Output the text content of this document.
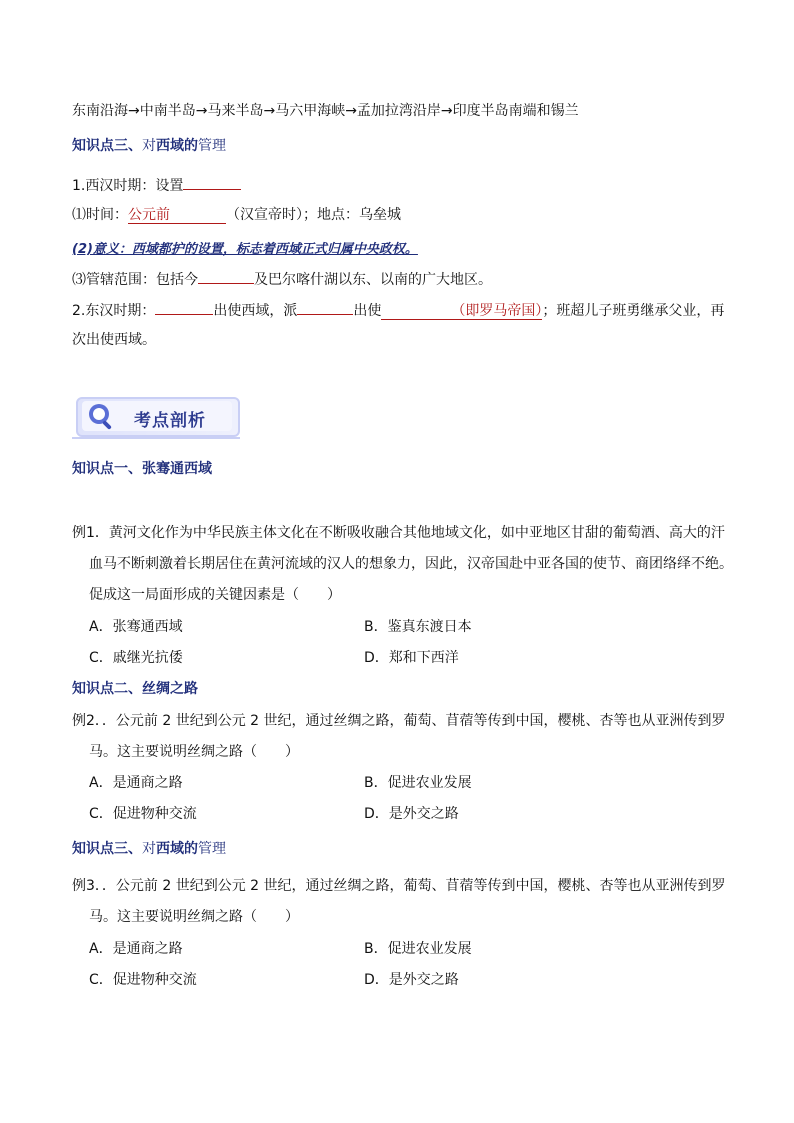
东南沿海→中南半岛→马来半岛→马六甲海峡→孟加拉湾沿岸→印度半岛南端和锡兰
知识点三、对西域的管理
1.西汉时期：设置
⑴时间：公元前	（汉宣帝时）；地点：乌垒城
(2)意义：西域都护的设置，标志着西域正式归属中央政权。
⑶管辖范围：包括今	及巴尔喀什湖以东、以南的广大地区。
2.东汉时期：	出使西域，派	出使	（即罗马帝国）；班超儿子班勇继承父业，再
次出使西域。
考点剖析
知识点一、张骞通西域
例1．黄河文化作为中华民族主体文化在不断吸收融合其他地域文化，如中亚地区甘甜的葡萄酒、高大的汗
血马不断刺激着长期居住在黄河流域的汉人的想象力，因此，汉帝国赴中亚各国的使节、商团络绎不绝。
促成这一局面形成的关键因素是（　　）
A．张骞通西域	B．鉴真东渡日本
C．戚继光抗倭	D．郑和下西洋
知识点二、丝绸之路
例2．．公元前 2 世纪到公元 2 世纪，通过丝绸之路，葡萄、苜蓿等传到中国，樱桃、杏等也从亚洲传到罗
马。这主要说明丝绸之路（　　）
A．是通商之路	B．促进农业发展
C．促进物种交流	D．是外交之路
知识点三、对西域的管理
例3．．公元前 2 世纪到公元 2 世纪，通过丝绸之路，葡萄、苜蓿等传到中国，樱桃、杏等也从亚洲传到罗
马。这主要说明丝绸之路（　　）
A．是通商之路	B．促进农业发展
C．促进物种交流	D．是外交之路
